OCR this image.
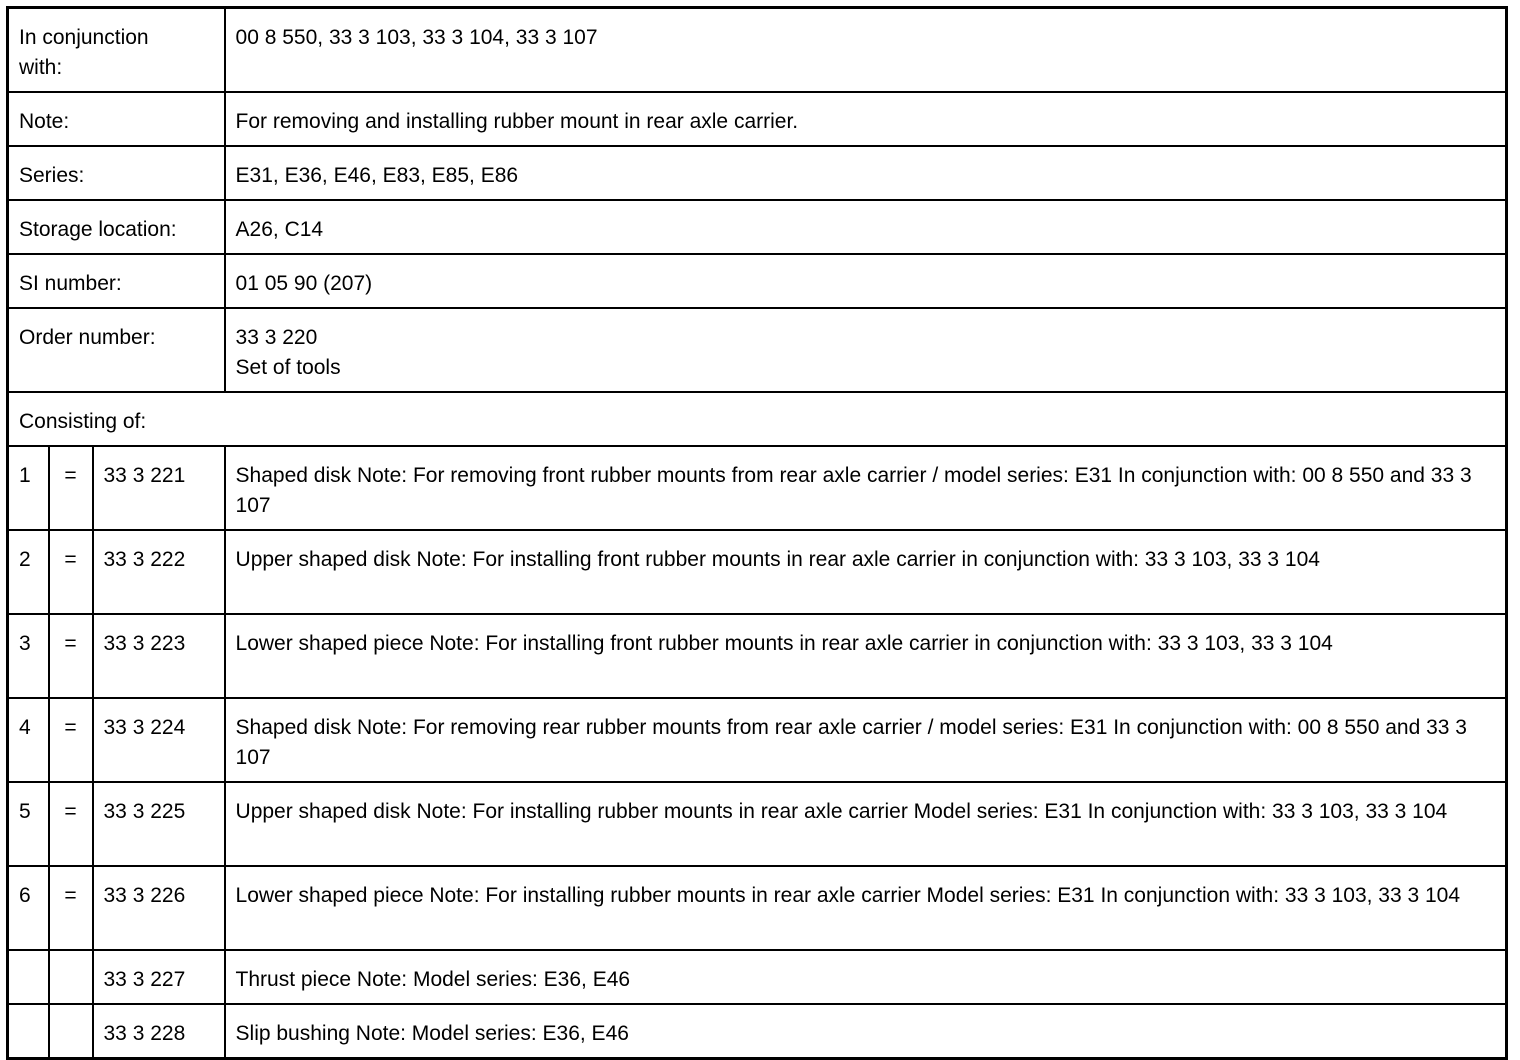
In conjunction
with:			00 8 550, 33 3 103, 33 3 104, 33 3 107
Note:			For removing and installing rubber mount in rear axle carrier.
Series:			E31, E36, E46, E83, E85, E86
Storage location:			A26, C14
SI number:			01 05 90 (207)
Order number:			33 3 220
Set of tools
Consisting of:			
1	=	33 3 221	Shaped disk Note: For removing front rubber mounts from rear axle carrier / model series: E31 In conjunction with: 00 8 550 and 33 3 107
2	=	33 3 222	Upper shaped disk Note: For installing front rubber mounts in rear axle carrier in conjunction with: 33 3 103, 33 3 104
3	=	33 3 223	Lower shaped piece Note: For installing front rubber mounts in rear axle carrier in conjunction with: 33 3 103, 33 3 104
4	=	33 3 224	Shaped disk Note: For removing rear rubber mounts from rear axle carrier / model series: E31 In conjunction with: 00 8 550 and 33 3 107
5	=	33 3 225	Upper shaped disk Note: For installing rubber mounts in rear axle carrier Model series: E31 In conjunction with: 33 3 103, 33 3 104
6	=	33 3 226	Lower shaped piece Note: For installing rubber mounts in rear axle carrier Model series: E31 In conjunction with: 33 3 103, 33 3 104
		33 3 227	Thrust piece Note: Model series: E36, E46
		33 3 228	Slip bushing Note: Model series: E36, E46
